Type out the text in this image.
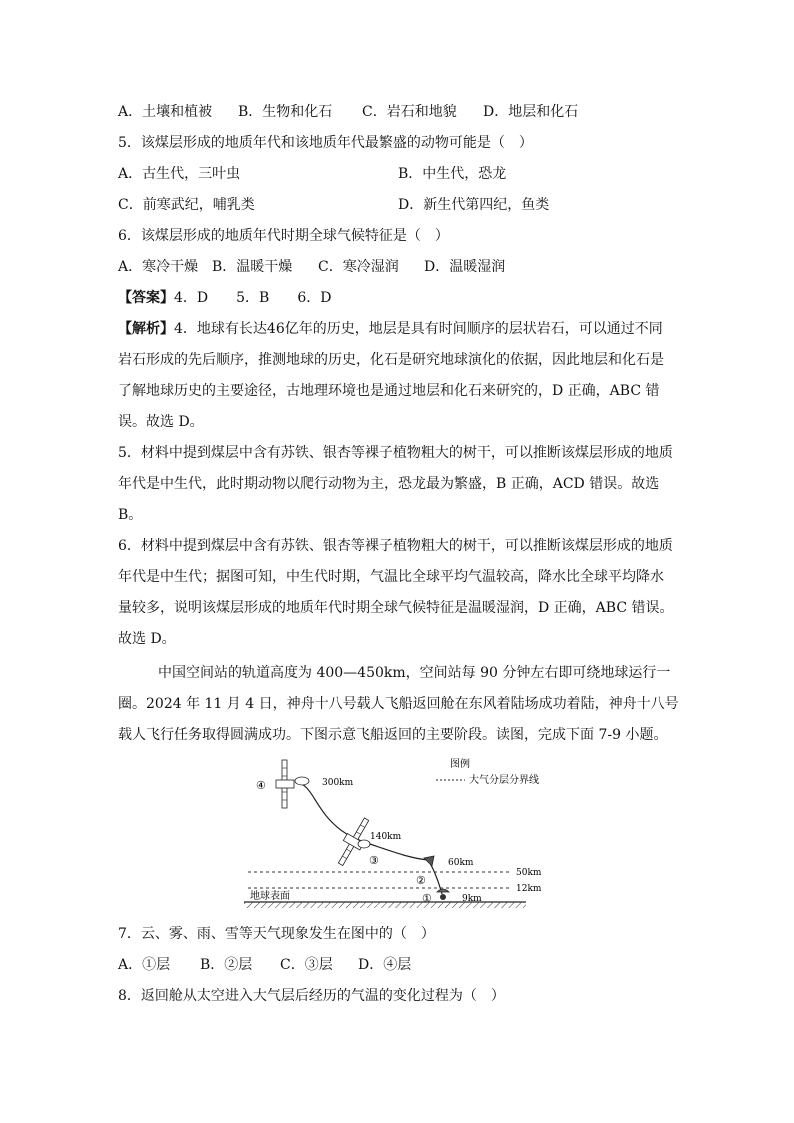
A．土壤和植被 B．生物和化石 C．岩石和地貌 D．地层和化石
5．该煤层形成的地质年代和该地质年代最繁盛的动物可能是（　）
A．古生代，三叶虫	B．中生代，恐龙
C．前寒武纪，哺乳类	D．新生代第四纪，鱼类
6．该煤层形成的地质年代时期全球气候特征是（　）
A．寒冷干燥 B．温暖干燥 C．寒冷湿润 D．温暖湿润
【答案】4．D　　5．B　　6．D
【解析】4．地球有长达46亿年的历史，地层是具有时间顺序的层状岩石，可以通过不同
岩石形成的先后顺序，推测地球的历史，化石是研究地球演化的依据，因此地层和化石是
了解地球历史的主要途径，古地理环境也是通过地层和化石来研究的，D 正确，ABC 错
误。故选 D。
5．材料中提到煤层中含有苏铁、银杏等裸子植物粗大的树干，可以推断该煤层形成的地质
年代是中生代，此时期动物以爬行动物为主，恐龙最为繁盛，B 正确，ACD 错误。故选
B。
6．材料中提到煤层中含有苏铁、银杏等裸子植物粗大的树干，可以推断该煤层形成的地质
年代是中生代；据图可知，中生代时期，气温比全球平均气温较高，降水比全球平均降水
量较多，说明该煤层形成的地质年代时期全球气候特征是温暖湿润，D 正确，ABC 错误。
故选 D。
中国空间站的轨道高度为 400—450km，空间站每 90 分钟左右即可绕地球运行一
圈。2024 年 11 月 4 日，神舟十八号载人飞船返回舱在东风着陆场成功着陆，神舟十八号
载人飞行任务取得圆满成功。下图示意飞船返回的主要阶段。读图，完成下面 7-9 小题。
图例
大气分层分界线
50km
12km
地球表面
④	300km
140km
③	60km
②
①	9km
7．云、雾、雨、雪等天气现象发生在图中的（　）
A．①层 B．②层 C．③层 D．④层
8．返回舱从太空进入大气层后经历的气温的变化过程为（　）
